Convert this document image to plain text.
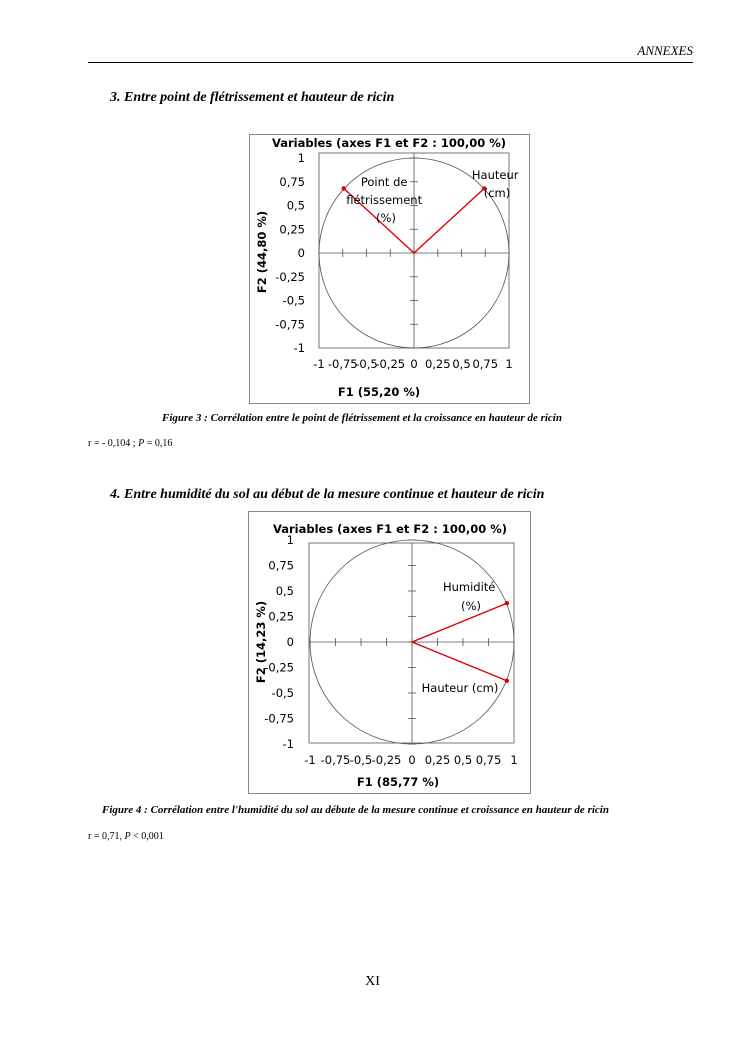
ANNEXES
3. Entre point de flétrissement et hauteur de ricin
Variables (axes F1 et F2 : 100,00 %)
1
0,75
0,5
0,25
0
-0,25
-0,5
-0,75
-1
-1 -0,75
-0,5
-0,25 0 0,25 0,5 0,75 1
F1 (55,20 %)
F2 (44,80 %)
Point de flétrissement (%)
Hauteur (cm)
Figure 3 : Corrélation entre le point de flétrissement et la croissance en hauteur de ricin
r = - 0,104 ; P = 0,16
4. Entre humidité du sol au début de la mesure continue et hauteur de ricin
Variables (axes F1 et F2 : 100,00 %)
1
0,75
0,5
0,25
0
-0,25
-0,5
-0,75
-1
-1 -0,75 -0,5 -0,25 0 0,25 0,5 0,75 1
F1 (85,77 %)
F2 (14,23 %)
Humidité (%)
Hauteur (cm)
Figure 4 : Corrélation entre l'humidité du sol au débute de la mesure continue et croissance en hauteur de ricin
r = 0,71, P < 0,001
XI
